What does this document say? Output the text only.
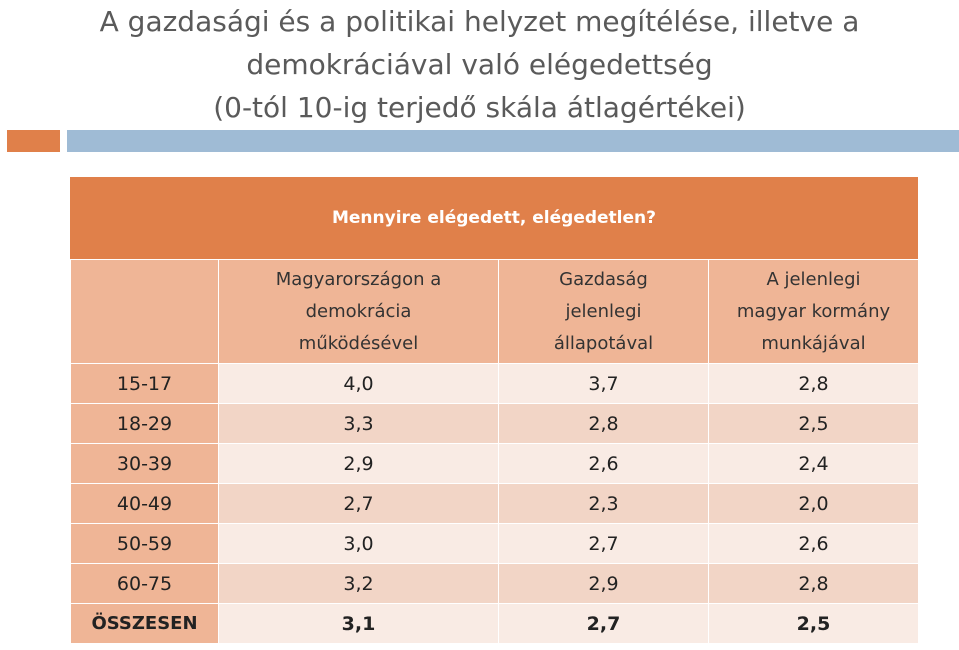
A gazdasági és a politikai helyzet megítélése, illetve a
demokráciával való elégedettség
(0-tól 10-ig terjedő skála átlagértékei)
Mennyire elégedett, elégedetlen?

	Magyarországon a
demokrácia
működésével	Gazdaság
jelenlegi
állapotával	A jelenlegi
magyar kormány
munkájával

15-17	4,0	3,7	2,8
18-29	3,3	2,8	2,5
30-39	2,9	2,6	2,4
40-49	2,7	2,3	2,0
50-59	3,0	2,7	2,6
60-75	3,2	2,9	2,8
ÖSSZESEN	3,1	2,7	2,5
